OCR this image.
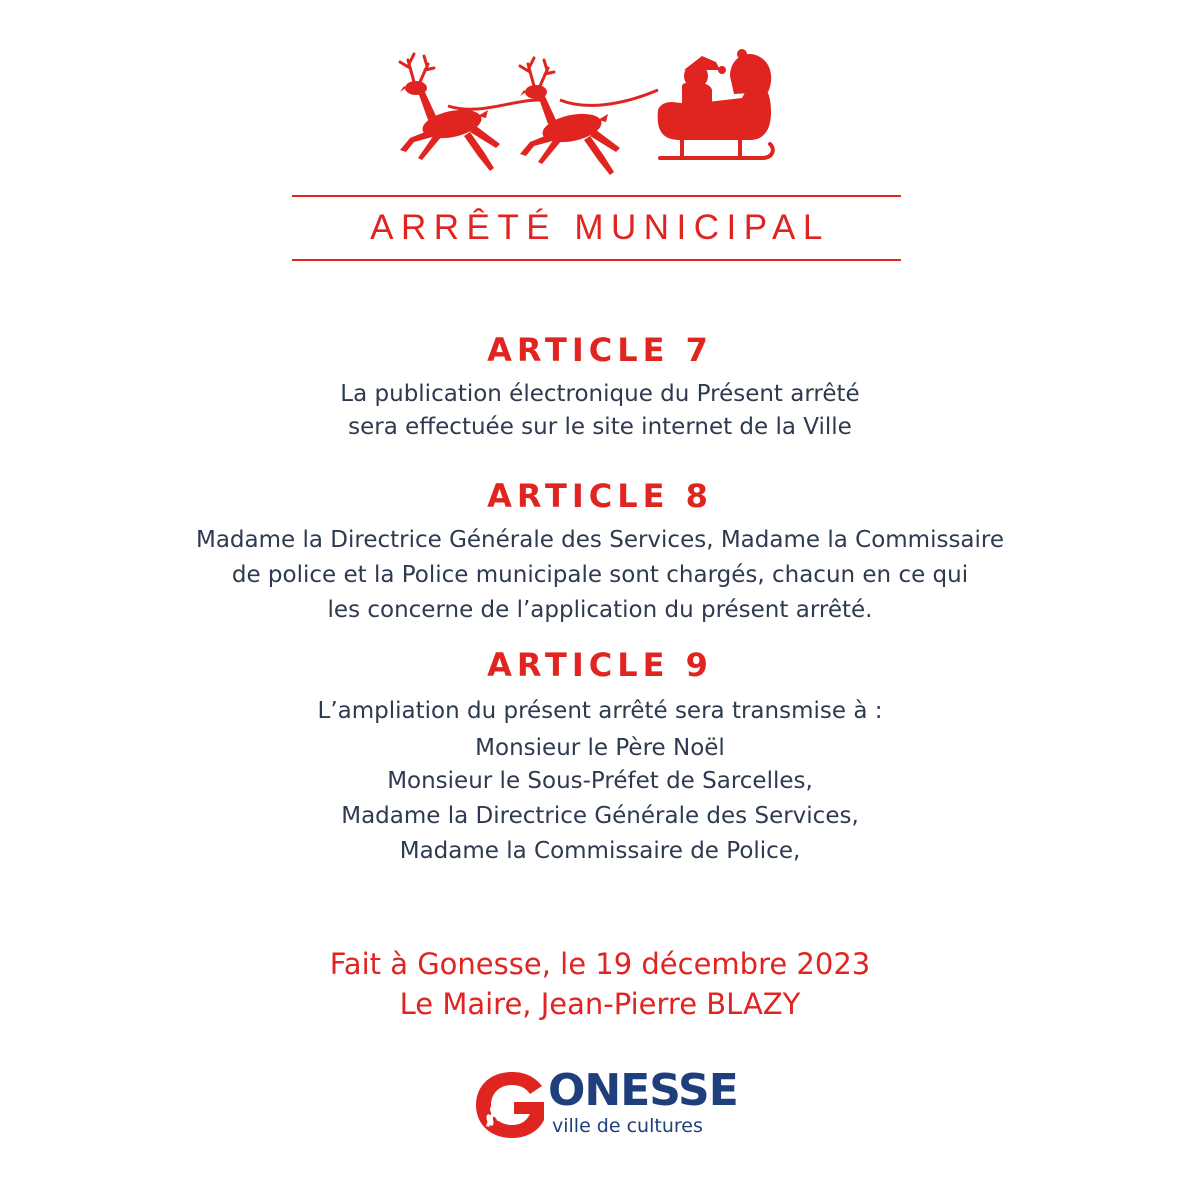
ARRÊTÉ MUNICIPAL
ARTICLE 7
La publication électronique du Présent arrêté
sera effectuée sur le site internet de la Ville
ARTICLE 8
Madame la Directrice Générale des Services, Madame la Commissaire
de police et la Police municipale sont chargés, chacun en ce qui
les concerne de l’application du présent arrêté.
ARTICLE 9
L’ampliation du présent arrêté sera transmise à :
Monsieur le Père Noël
Monsieur le Sous-Préfet de Sarcelles,
Madame la Directrice Générale des Services,
Madame la Commissaire de Police,
Fait à Gonesse, le 19 décembre 2023
Le Maire, Jean-Pierre BLAZY
ONESSE
ville de cultures
